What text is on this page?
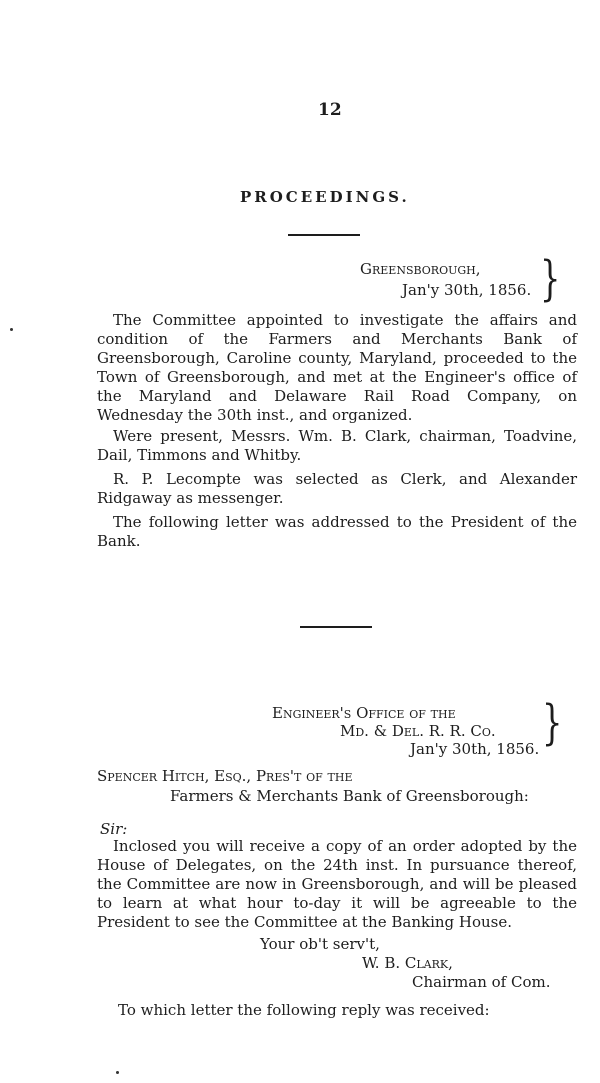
12
PROCEEDINGS.
Greensborough,
Jan'y 30th, 1856. }
The Committee appointed to investigate the affairs and condition of the Farmers and Merchants Bank of Greensborough, Caroline county, Maryland, proceeded to the Town of Greensborough, and met at the Engineer's office of the Maryland and Delaware Rail Road Company, on Wednesday the 30th inst., and organized.
Were present, Messrs. Wm. B. Clark, chairman, Toadvine, Dail, Timmons and Whitby.
R. P. Lecompte was selected as Clerk, and Alexander Ridgaway as messenger.
The following letter was addressed to the President of the Bank.
Engineer's Office of the
Md. & Del. R. R. Co.
Jan'y 30th, 1856. }
Spencer Hitch, Esq., Pres't of the
Farmers & Merchants Bank of Greensborough:
Sir:
Inclosed you will receive a copy of an order adopted by the House of Delegates, on the 24th inst. In pursuance thereof, the Committee are now in Greensborough, and will be pleased to learn at what hour to-day it will be agreeable to the President to see the Committee at the Banking House.
Your ob't serv't,
W. B. Clark,
Chairman of Com.
To which letter the following reply was received:
